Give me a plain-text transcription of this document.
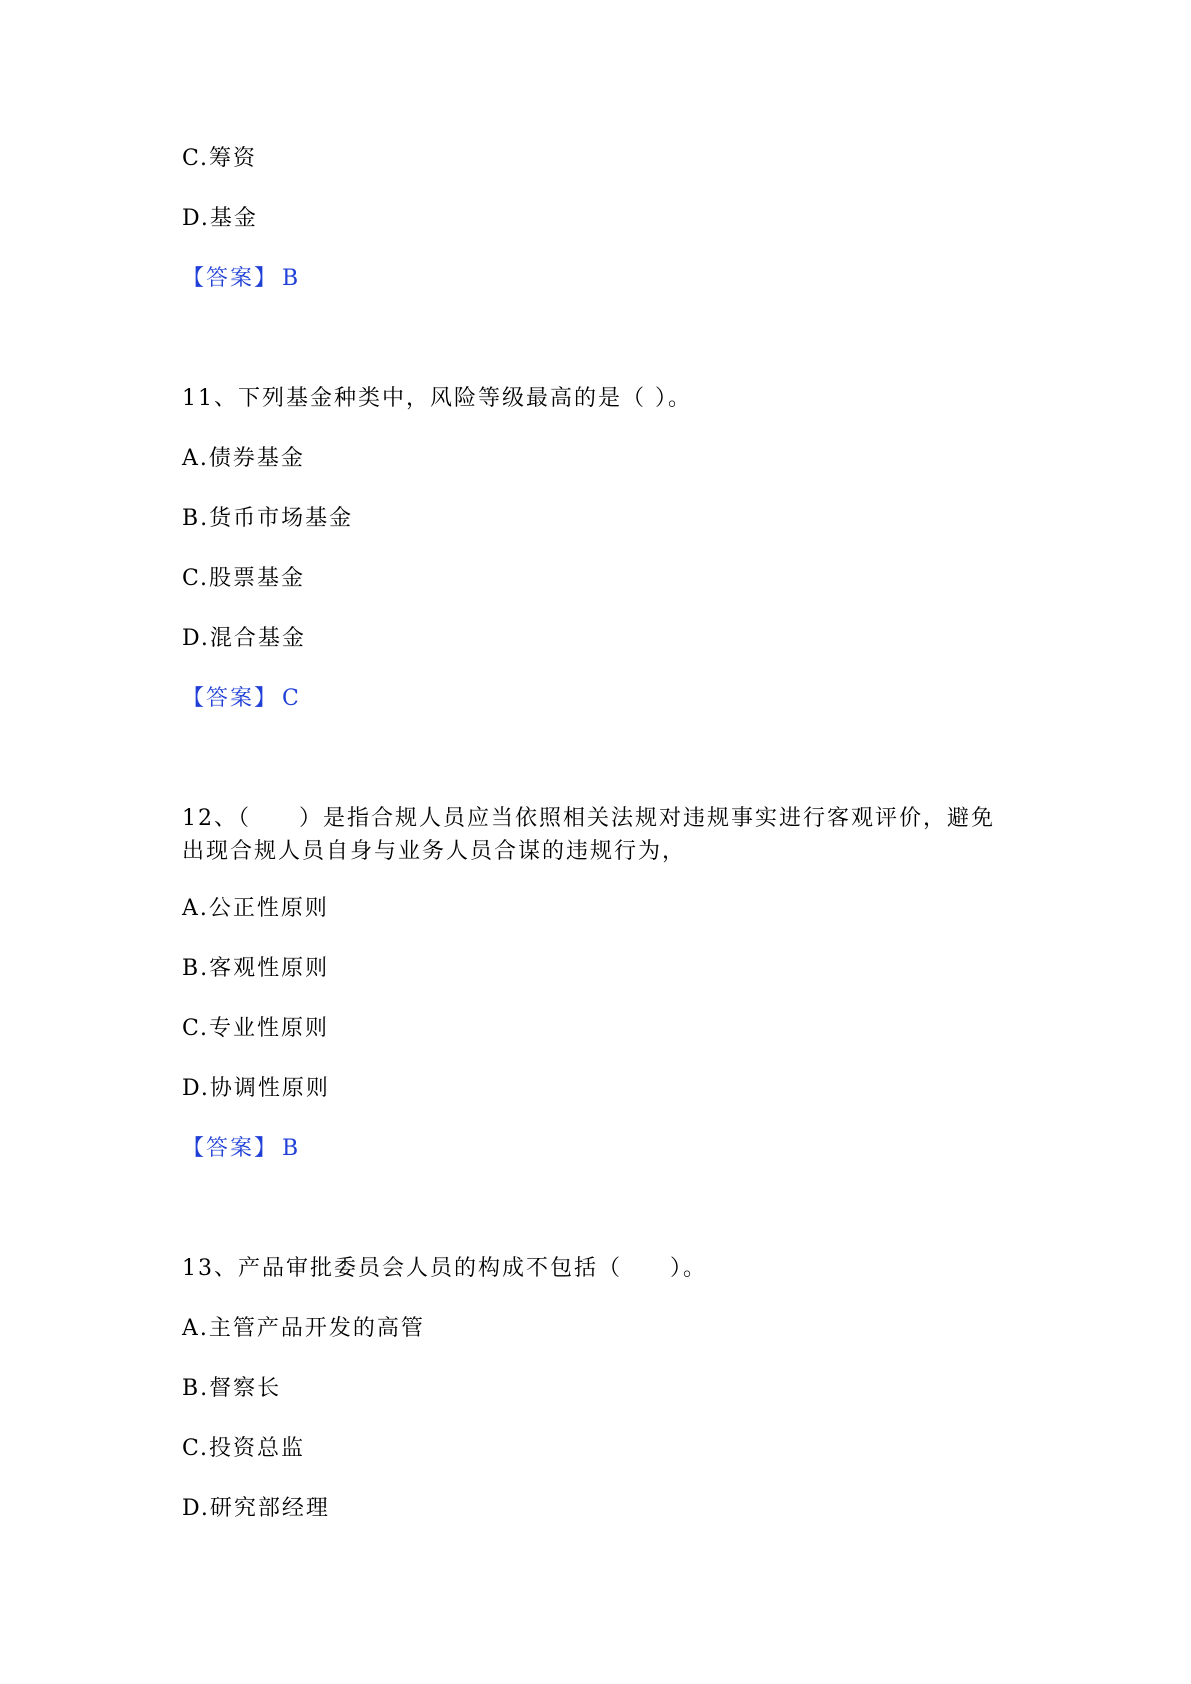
C.筹资
D.基金
【答案】 B
11、下列基金种类中，风险等级最高的是（ ）。
A.债券基金
B.货币市场基金
C.股票基金
D.混合基金
【答案】 C
12、（　　）是指合规人员应当依照相关法规对违规事实进行客观评价，避免
出现合规人员自身与业务人员合谋的违规行为，
A.公正性原则
B.客观性原则
C.专业性原则
D.协调性原则
【答案】 B
13、产品审批委员会人员的构成不包括（　　）。
A.主管产品开发的高管
B.督察长
C.投资总监
D.研究部经理
